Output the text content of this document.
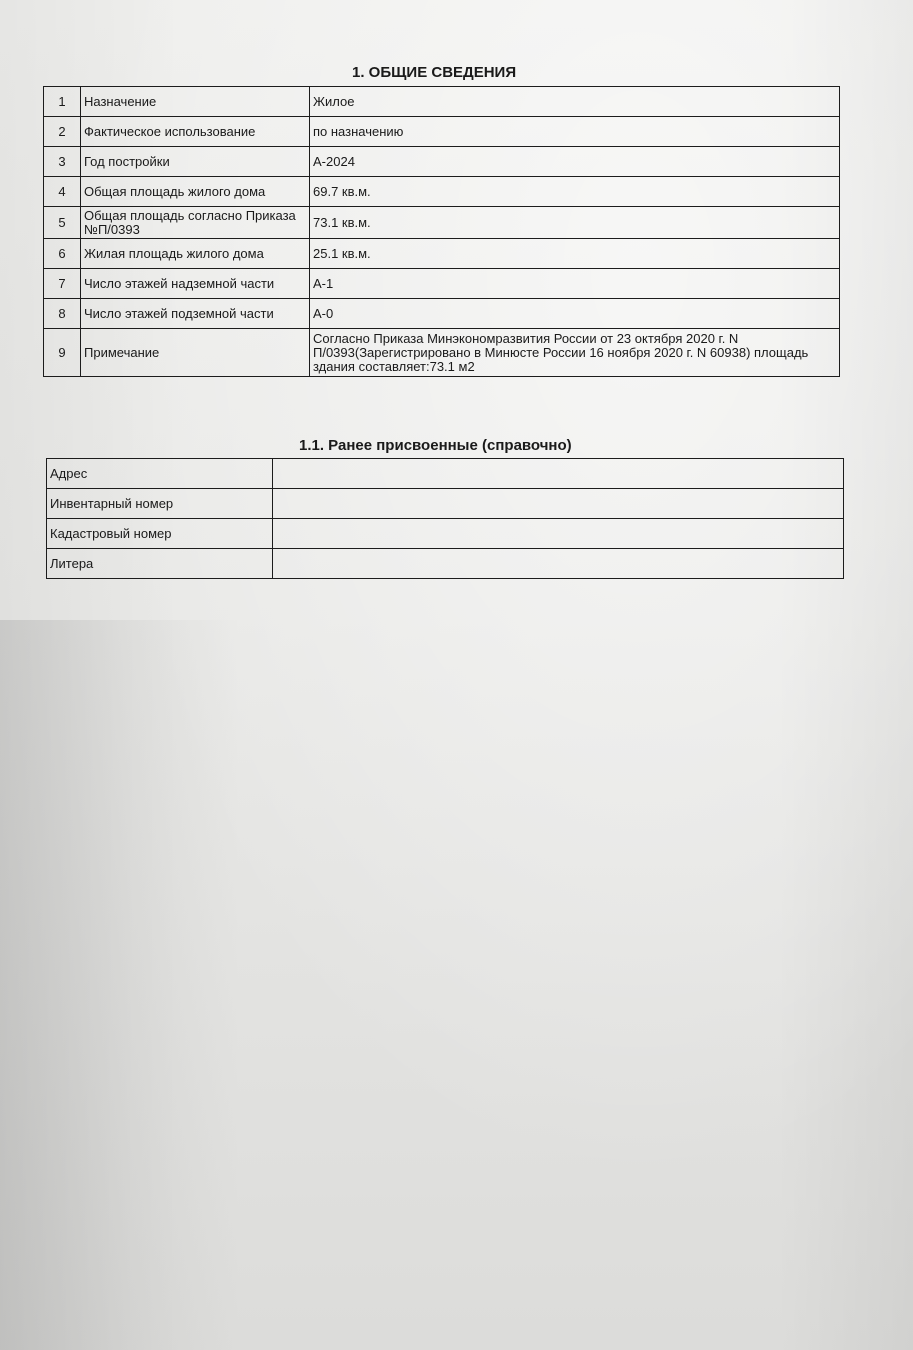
1. ОБЩИЕ СВЕДЕНИЯ
1	Назначение	Жилое
2	Фактическое использование	по назначению
3	Год постройки	А-2024
4	Общая площадь жилого дома	69.7 кв.м.
5	Общая площадь согласно Приказа №П/0393	73.1 кв.м.
6	Жилая площадь жилого дома	25.1 кв.м.
7	Число этажей надземной части	А-1
8	Число этажей подземной части	А-0
9	Примечание	Согласно Приказа Минэкономразвития России от 23 октября 2020 г. N П/0393(Зарегистрировано в Минюсте России 16 ноября 2020 г. N 60938) площадь здания составляет:73.1 м2
1.1. Ранее присвоенные (справочно)
Адрес	
Инвентарный номер	
Кадастровый номер	
Литера	
